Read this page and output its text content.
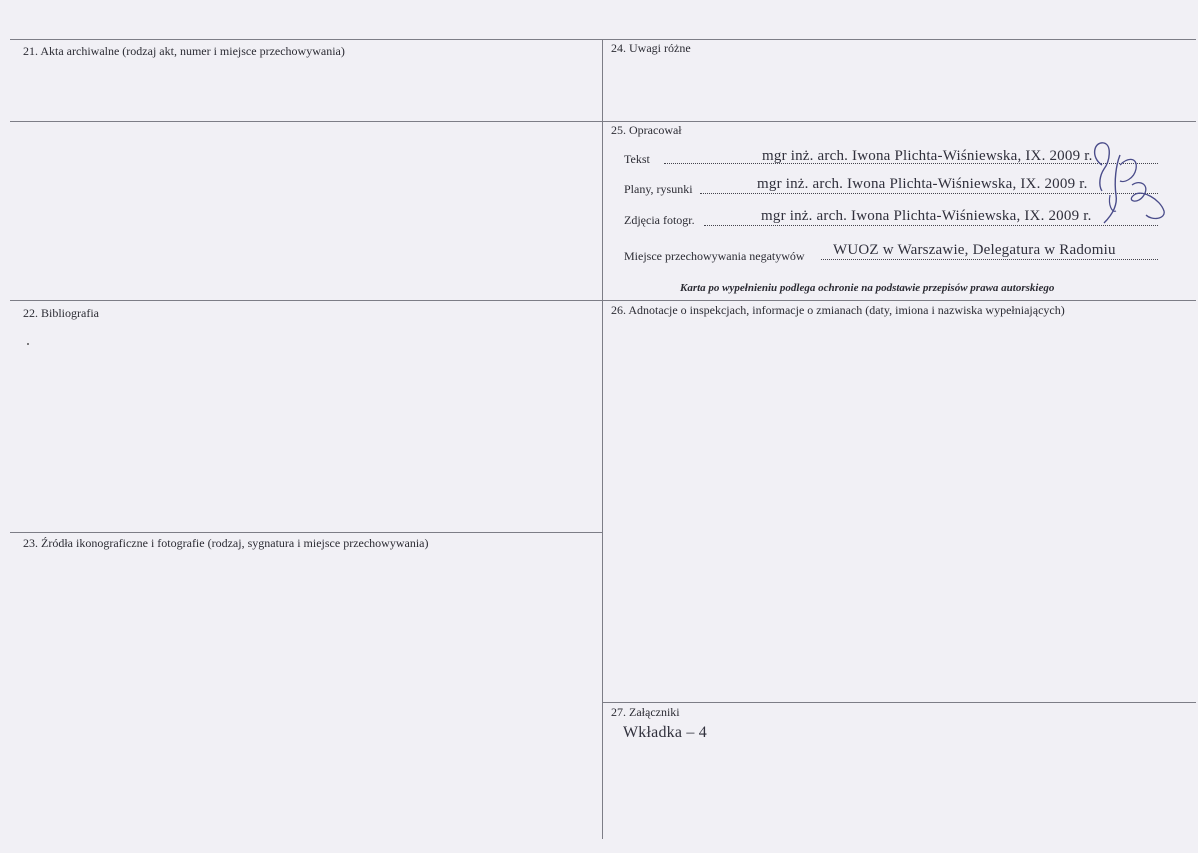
21. Akta archiwalne (rodzaj akt, numer i miejsce przechowywania)	24. Uwagi różne
25. Opracował
22. Bibliografia	26. Adnotacje o inspekcjach, informacje o zmianach (daty, imiona i nazwiska wypełniających)
23. Źródła ikonograficzne i fotografie (rodzaj, sygnatura i miejsce przechowywania)
27. Załączniki
Tekst	mgr inż. arch. Iwona Plichta-Wiśniewska, IX. 2009 r.
Plany, rysunki	mgr inż. arch. Iwona Plichta-Wiśniewska, IX. 2009 r.
Zdjęcia fotogr.	mgr inż. arch. Iwona Plichta-Wiśniewska, IX. 2009 r.
Miejsce przechowywania negatywów WUOZ w Warszawie, Delegatura w Radomiu
Karta po wypełnieniu podlega ochronie na podstawie przepisów prawa autorskiego
Wkładka – 4
